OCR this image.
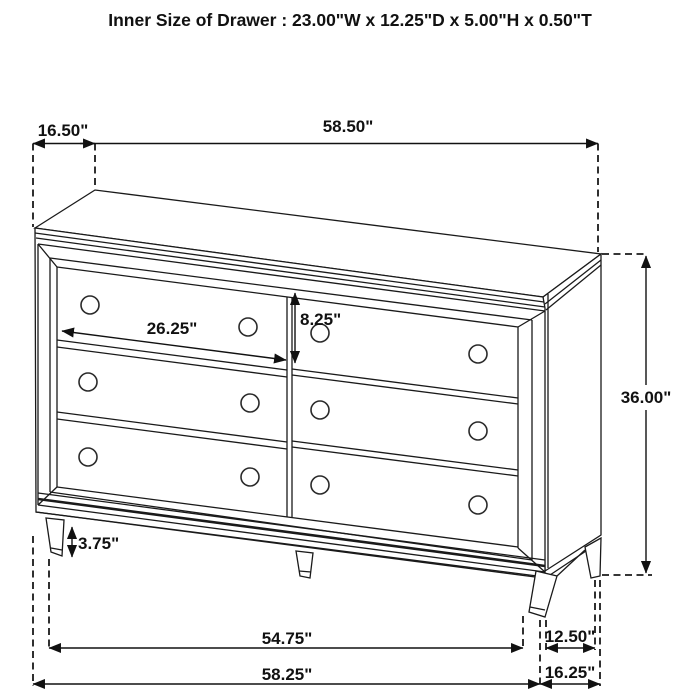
Inner Size of Drawer : 23.00"W x 12.25"D x 5.00"H x 0.50"T
16.50"	58.50"
36.00"
26.25"	8.25"
3.75"
54.75"
58.25"
12.50"
16.25"
